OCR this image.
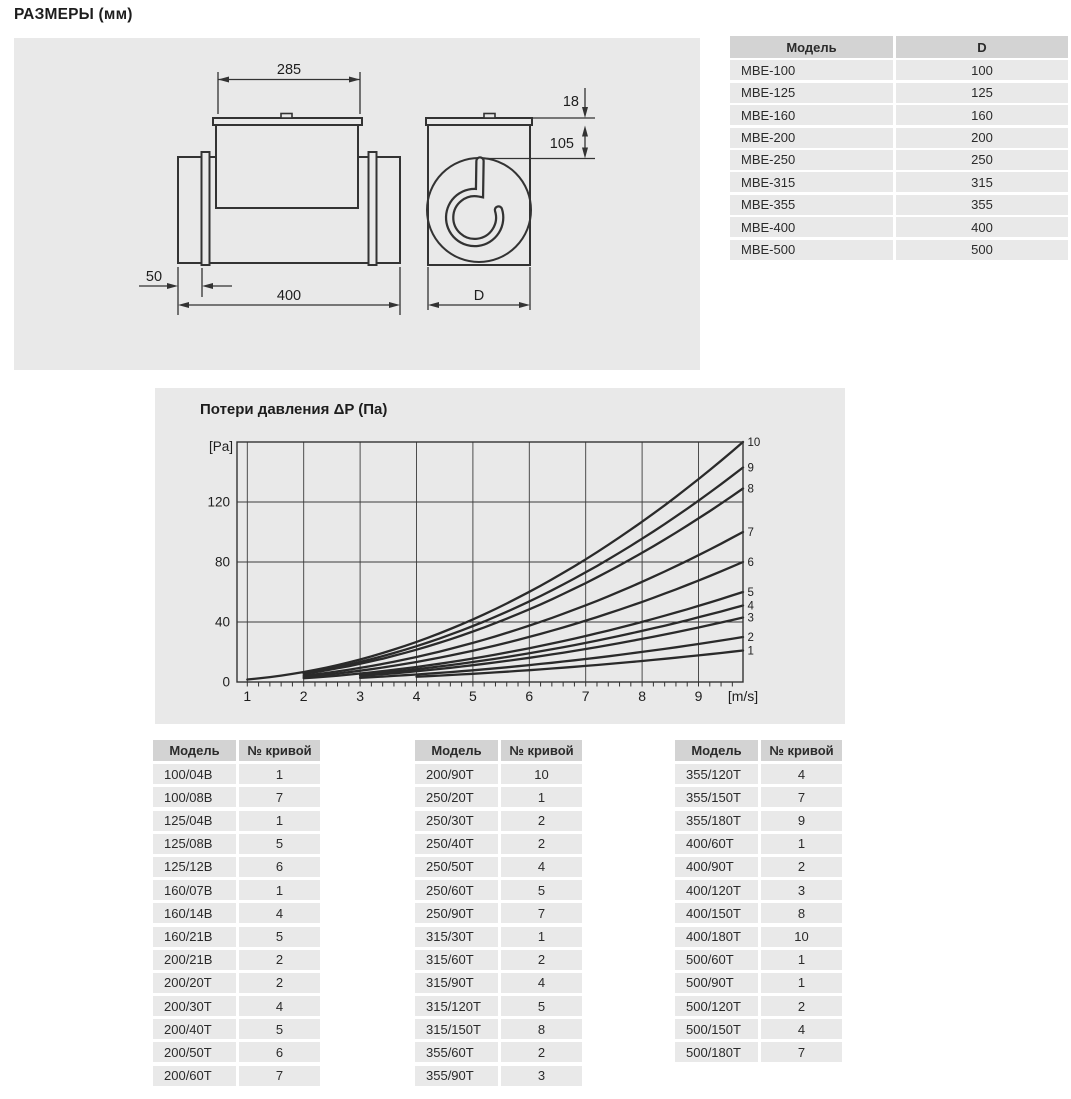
РАЗМЕРЫ (мм)
285
50
400
18
105
D
Модель	D
МВЕ-100	100
МВЕ-125	125
МВЕ-160	160
МВЕ-200	200
МВЕ-250	250
МВЕ-315	315
МВЕ-355	355
МВЕ-400	400
МВЕ-500	500
Потери давления ΔP (Па)
0
40
80
120
[Pa]
1	2	3	4	5	6	7	8	9 [m/s]
1
2
3
4
5
6
7
8
9
10
Модель	№ кривой
100/04В	1
100/08В	7
125/04В	1
125/08В	5
125/12В	6
160/07В	1
160/14В	4
160/21В	5
200/21В	2
200/20Т	2
200/30Т	4
200/40Т	5
200/50Т	6
200/60Т	7
Модель	№ кривой
200/90Т	10
250/20Т	1
250/30Т	2
250/40Т	2
250/50Т	4
250/60Т	5
250/90Т	7
315/30Т	1
315/60Т	2
315/90Т	4
315/120Т	5
315/150Т	8
355/60Т	2
355/90Т	3
Модель	№ кривой
355/120Т	4
355/150Т	7
355/180Т	9
400/60Т	1
400/90Т	2
400/120Т	3
400/150Т	8
400/180Т	10
500/60Т	1
500/90Т	1
500/120Т	2
500/150Т	4
500/180Т	7
